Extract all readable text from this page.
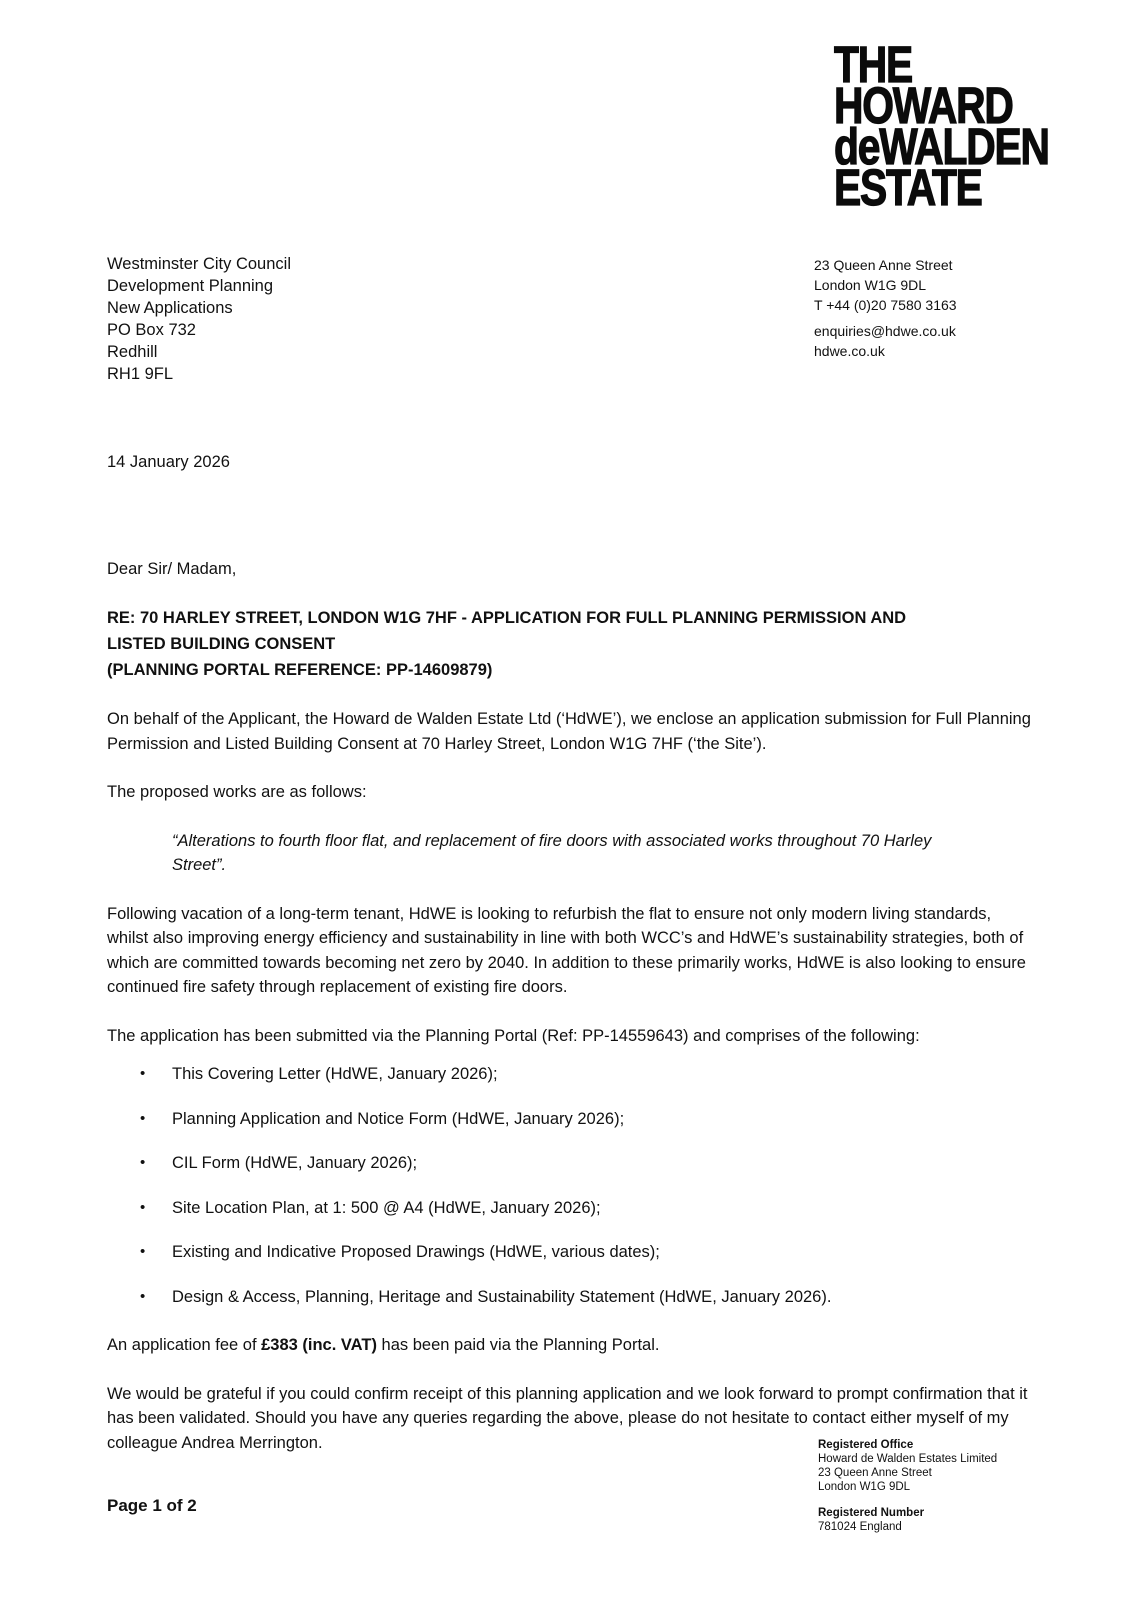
THE
HOWARD
deWALDEN
ESTATE
Westminster City Council
Development Planning
New Applications
PO Box 732
Redhill
RH1 9FL
23 Queen Anne Street
London W1G 9DL
T +44 (0)20 7580 3163
enquiries@hdwe.co.uk
hdwe.co.uk
14 January 2026
Dear Sir/ Madam,
RE: 70 HARLEY STREET, LONDON W1G 7HF - APPLICATION FOR FULL PLANNING PERMISSION AND
LISTED BUILDING CONSENT
(PLANNING PORTAL REFERENCE: PP-14609879)

On behalf of the Applicant, the Howard de Walden Estate Ltd (‘HdWE’), we enclose an application submission for Full Planning Permission and Listed Building Consent at 70 Harley Street, London W1G 7HF (‘the Site’).

The proposed works are as follows:

“Alterations to fourth floor flat, and replacement of fire doors with associated works throughout 70 Harley Street”.

Following vacation of a long-term tenant, HdWE is looking to refurbish the flat to ensure not only modern living standards, whilst also improving energy efficiency and sustainability in line with both WCC’s and HdWE’s sustainability strategies, both of which are committed towards becoming net zero by 2040. In addition to these primarily works, HdWE is also looking to ensure continued fire safety through replacement of existing fire doors.

The application has been submitted via the Planning Portal (Ref: PP-14559643) and comprises of the following:

• This Covering Letter (HdWE, January 2026);
• Planning Application and Notice Form (HdWE, January 2026);
• CIL Form (HdWE, January 2026);
• Site Location Plan, at 1: 500 @ A4 (HdWE, January 2026);
• Existing and Indicative Proposed Drawings (HdWE, various dates);
• Design & Access, Planning, Heritage and Sustainability Statement (HdWE, January 2026).

An application fee of £383 (inc. VAT) has been paid via the Planning Portal.

We would be grateful if you could confirm receipt of this planning application and we look forward to prompt confirmation that it has been validated. Should you have any queries regarding the above, please do not hesitate to contact either myself of my colleague Andrea Merrington.

Page 1 of 2
Registered Office
Howard de Walden Estates Limited
23 Queen Anne Street
London W1G 9DL
Registered Number
781024 England
